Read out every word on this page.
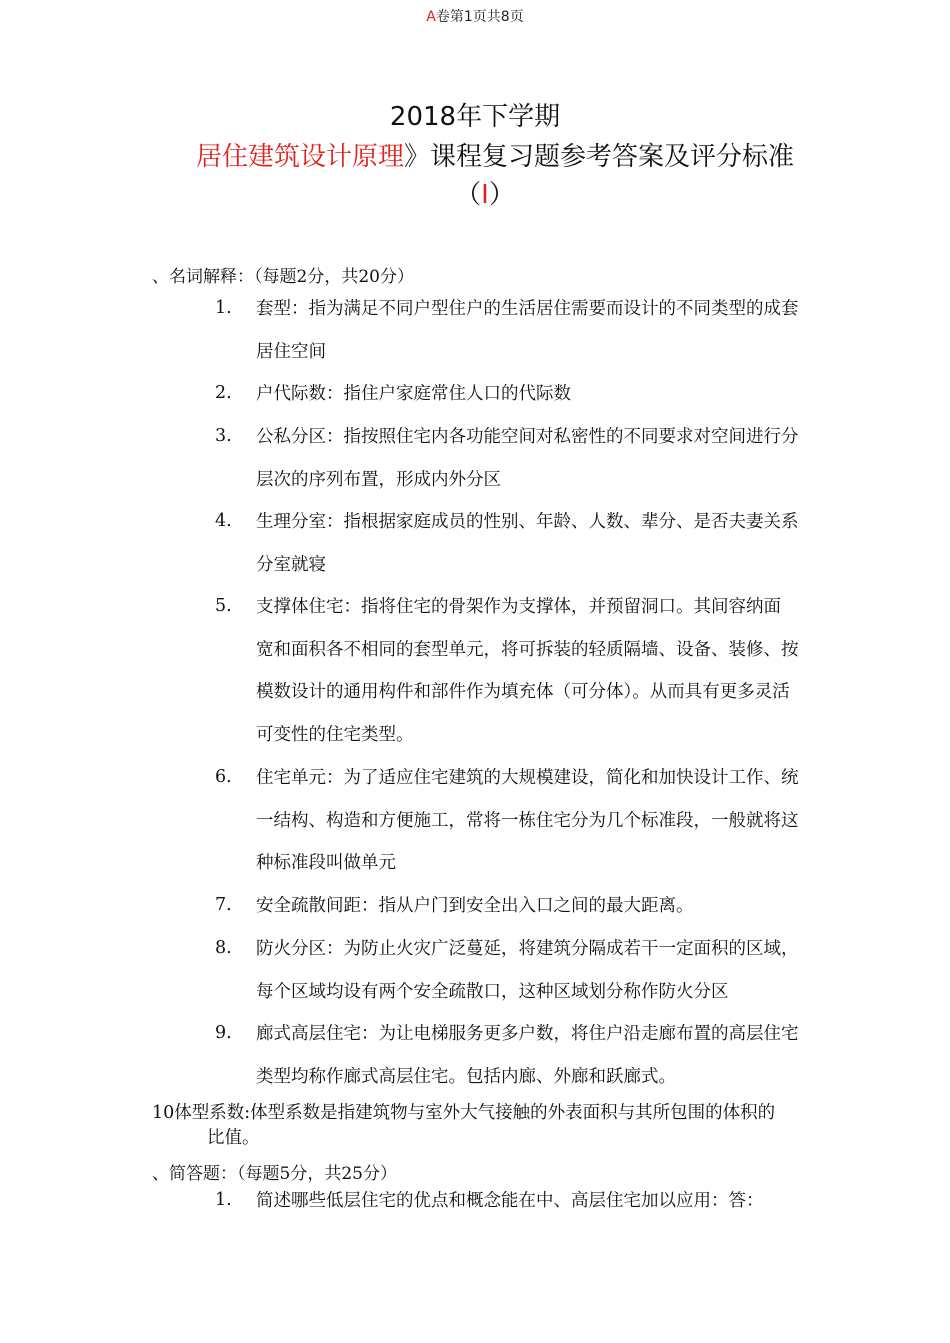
A卷第1页共8页
2018年下学期
居住建筑设计原理》课程复习题参考答案及评分标准
（I）
、名词解释：（每题2分，共20分）
1.	套型：指为满足不同户型住户的生活居住需要而设计的不同类型的成套
居住空间
2.	户代际数：指住户家庭常住人口的代际数
3.	公私分区：指按照住宅内各功能空间对私密性的不同要求对空间进行分
层次的序列布置，形成内外分区
4.	生理分室：指根据家庭成员的性别、年龄、人数、辈分、是否夫妻关系
分室就寝
5.	支撑体住宅：指将住宅的骨架作为支撑体，并预留洞口。其间容纳面
宽和面积各不相同的套型单元，将可拆装的轻质隔墙、设备、装修、按
模数设计的通用构件和部件作为填充体（可分体）。从而具有更多灵活
可变性的住宅类型。
6.	住宅单元：为了适应住宅建筑的大规模建设，简化和加快设计工作、统
一结构、构造和方便施工，常将一栋住宅分为几个标准段，一般就将这
种标准段叫做单元
7.	安全疏散间距：指从户门到安全出入口之间的最大距离。
8.	防火分区：为防止火灾广泛蔓延，将建筑分隔成若干一定面积的区域，
每个区域均设有两个安全疏散口，这种区域划分称作防火分区
9.	廊式高层住宅：为让电梯服务更多户数，将住户沿走廊布置的高层住宅
类型均称作廊式高层住宅。包括内廊、外廊和跃廊式。
10体型系数:体型系数是指建筑物与室外大气接触的外表面积与其所包围的体积的
比值。
、简答题：（每题5分，共25分）
1.	简述哪些低层住宅的优点和概念能在中、高层住宅加以应用：答：
